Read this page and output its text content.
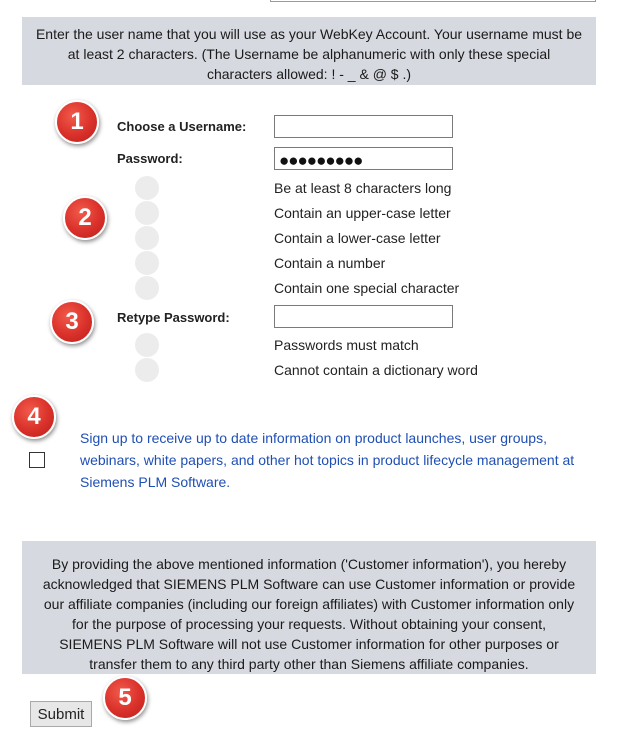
Enter the user name that you will use as your WebKey Account. Your username must be at least 2 characters. (The Username be alphanumeric with only these special characters allowed: ! - _ & @ $ .)
1	Choose a Username:
Password:	●●●●●●●●●
2
Be at least 8 characters long
Contain an upper-case letter
Contain a lower-case letter
Contain a number
Contain one special character
3	Retype Password:
Passwords must match
Cannot contain a dictionary word
4
Sign up to receive up to date information on product launches, user groups, webinars, white papers, and other hot topics in product lifecycle management at Siemens PLM Software.
By providing the above mentioned information ('Customer information'), you hereby acknowledged that SIEMENS PLM Software can use Customer information or provide our affiliate companies (including our foreign affiliates) with Customer information only for the purpose of processing your requests. Without obtaining your consent, SIEMENS PLM Software will not use Customer information for other purposes or transfer them to any third party other than Siemens affiliate companies.
Submit
5
